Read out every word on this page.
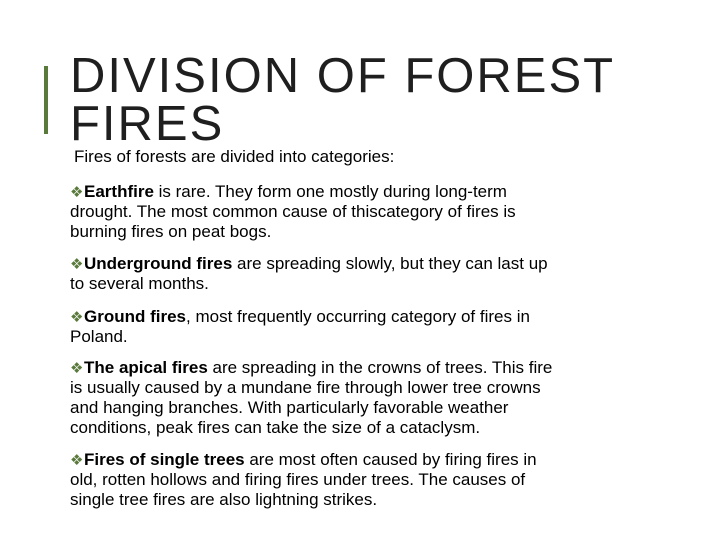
DIVISION OF FOREST
FIRES

Fires of forests are divided into categories:

❖Earthfire is rare. They form one mostly during long-term
drought. The most common cause of thiscategory of fires is
burning fires on peat bogs.
❖Underground fires are spreading slowly, but they can last up
to several months.
❖Ground fires, most frequently occurring category of fires in
Poland.
❖The apical fires are spreading in the crowns of trees. This fire
is usually caused by a mundane fire through lower tree crowns
and hanging branches. With particularly favorable weather
conditions, peak fires can take the size of a cataclysm.
❖Fires of single trees are most often caused by firing fires in
old, rotten hollows and firing fires under trees. The causes of
single tree fires are also lightning strikes.
